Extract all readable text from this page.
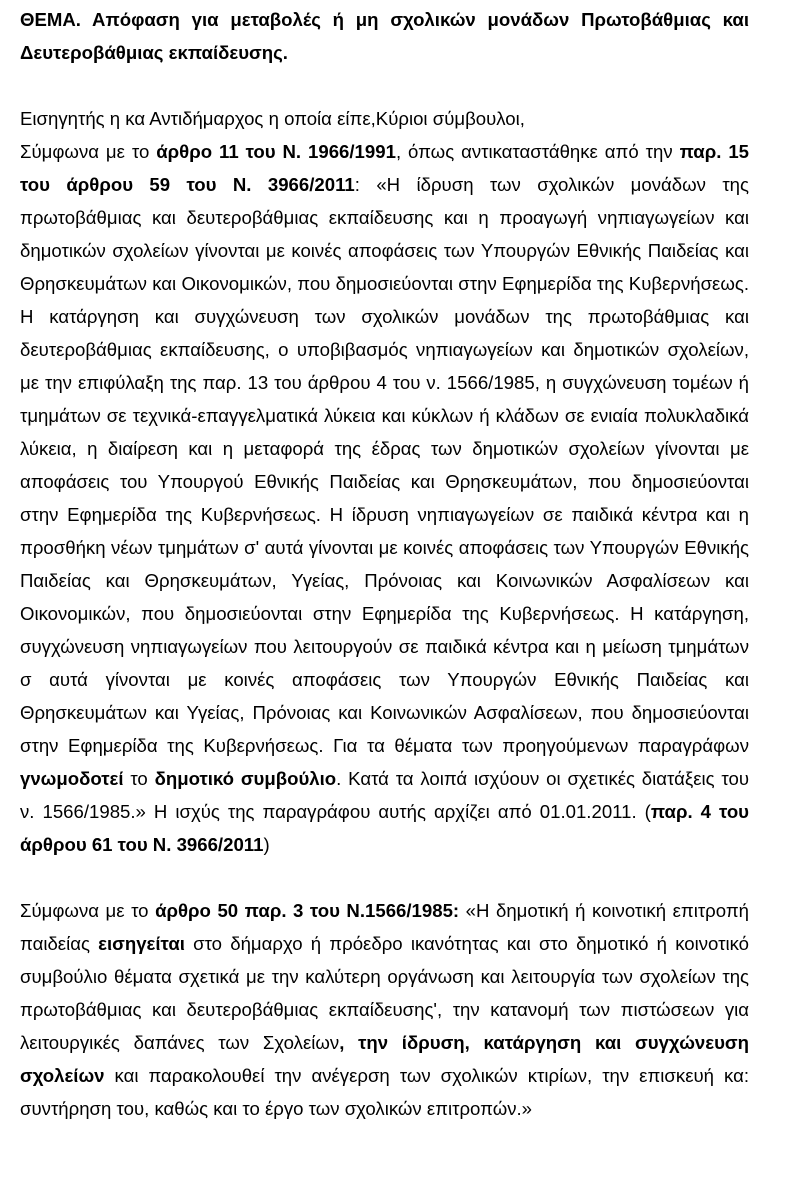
ΘΕΜΑ. Απόφαση για μεταβολές ή μη σχολικών μονάδων Πρωτοβάθμιας και Δευτεροβάθμιας εκπαίδευσης.

Εισηγητής η κα Αντιδήμαρχος η οποία είπε,Κύριοι σύμβουλοι,

Σύμφωνα με το άρθρο 11 του Ν. 1966/1991, όπως αντικαταστάθηκε από την παρ. 15 του άρθρου 59 του Ν. 3966/2011: «Η ίδρυση των σχολικών μονάδων της πρωτοβάθμιας και δευτεροβάθμιας εκπαίδευσης και η προαγωγή νηπιαγωγείων και δημοτικών σχολείων γίνονται με κοινές αποφάσεις των Υπουργών Εθνικής Παιδείας και Θρησκευμάτων και Οικονομικών, που δημοσιεύονται στην Εφημερίδα της Κυβερνήσεως. Η κατάργηση και συγχώνευση των σχολικών μονάδων της πρωτοβάθμιας και δευτεροβάθμιας εκπαίδευσης, ο υποβιβασμός νηπιαγωγείων και δημοτικών σχολείων, με την επιφύλαξη της παρ. 13 του άρθρου 4 του ν. 1566/1985, η συγχώνευση τομέων ή τμημάτων σε τεχνικά-επαγγελματικά λύκεια και κύκλων ή κλάδων σε ενιαία πολυκλαδικά λύκεια, η διαίρεση και η μεταφορά της έδρας των δημοτικών σχολείων γίνονται με αποφάσεις του Υπουργού Εθνικής Παιδείας και Θρησκευμάτων, που δημοσιεύονται στην Εφημερίδα της Κυβερνήσεως. Η ίδρυση νηπιαγωγείων σε παιδικά κέντρα και η προσθήκη νέων τμημάτων σ' αυτά γίνονται με κοινές αποφάσεις των Υπουργών Εθνικής Παιδείας και Θρησκευμάτων, Υγείας, Πρόνοιας και Κοινωνικών Ασφαλίσεων και Οικονομικών, που δημοσιεύονται στην Εφημερίδα της Κυβερνήσεως. Η κατάργηση, συγχώνευση νηπιαγωγείων που λειτουργούν σε παιδικά κέντρα και η μείωση τμημάτων σ αυτά γίνονται με κοινές αποφάσεις των Υπουργών Εθνικής Παιδείας και Θρησκευμάτων και Υγείας, Πρόνοιας και Κοινωνικών Ασφαλίσεων, που δημοσιεύονται στην Εφημερίδα της Κυβερνήσεως. Για τα θέματα των προηγούμενων παραγράφων γνωμοδοτεί το δημοτικό συμβούλιο. Κατά τα λοιπά ισχύουν οι σχετικές διατάξεις του ν. 1566/1985.» Η ισχύς της παραγράφου αυτής αρχίζει από 01.01.2011. (παρ. 4 του άρθρου 61 του Ν. 3966/2011)

Σύμφωνα με το άρθρο 50 παρ. 3 του Ν.1566/1985: «Η δημοτική ή κοινοτική επιτροπή παιδείας εισηγείται στο δήμαρχο ή πρόεδρο ικανότητας και στο δημοτικό ή κοινοτικό συμβούλιο θέματα σχετικά με την καλύτερη οργάνωση και λειτουργία των σχολείων της πρωτοβάθμιας και δευτεροβάθμιας εκπαίδευσης', την κατανομή των πιστώσεων για λειτουργικές δαπάνες των Σχολείων, την ίδρυση, κατάργηση και συγχώνευση σχολείων και παρακολουθεί την ανέγερση των σχολικών κτιρίων, την επισκευή κα: συντήρηση του, καθώς και το έργο των σχολικών επιτροπών.»
